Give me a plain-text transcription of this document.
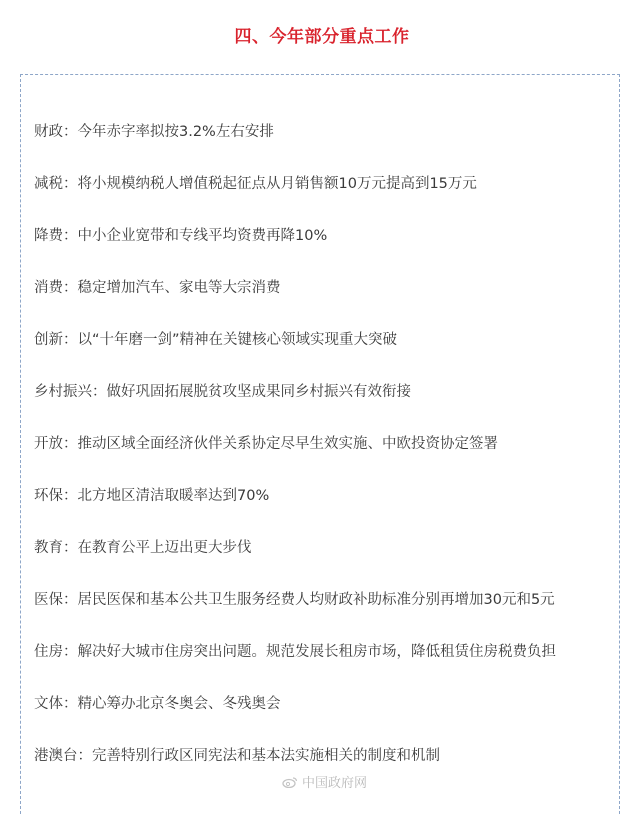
四、今年部分重点工作
财政：今年赤字率拟按3.2%左右安排
减税：将小规模纳税人增值税起征点从月销售额10万元提高到15万元
降费：中小企业宽带和专线平均资费再降10%
消费：稳定增加汽车、家电等大宗消费
创新：以“十年磨一剑”精神在关键核心领域实现重大突破
乡村振兴：做好巩固拓展脱贫攻坚成果同乡村振兴有效衔接
开放：推动区域全面经济伙伴关系协定尽早生效实施、中欧投资协定签署
环保：北方地区清洁取暖率达到70%
教育：在教育公平上迈出更大步伐
医保：居民医保和基本公共卫生服务经费人均财政补助标准分别再增加30元和5元
住房：解决好大城市住房突出问题。规范发展长租房市场，降低租赁住房税费负担
文体：精心筹办北京冬奥会、冬残奥会
港澳台：完善特别行政区同宪法和基本法实施相关的制度和机制
中国政府网
